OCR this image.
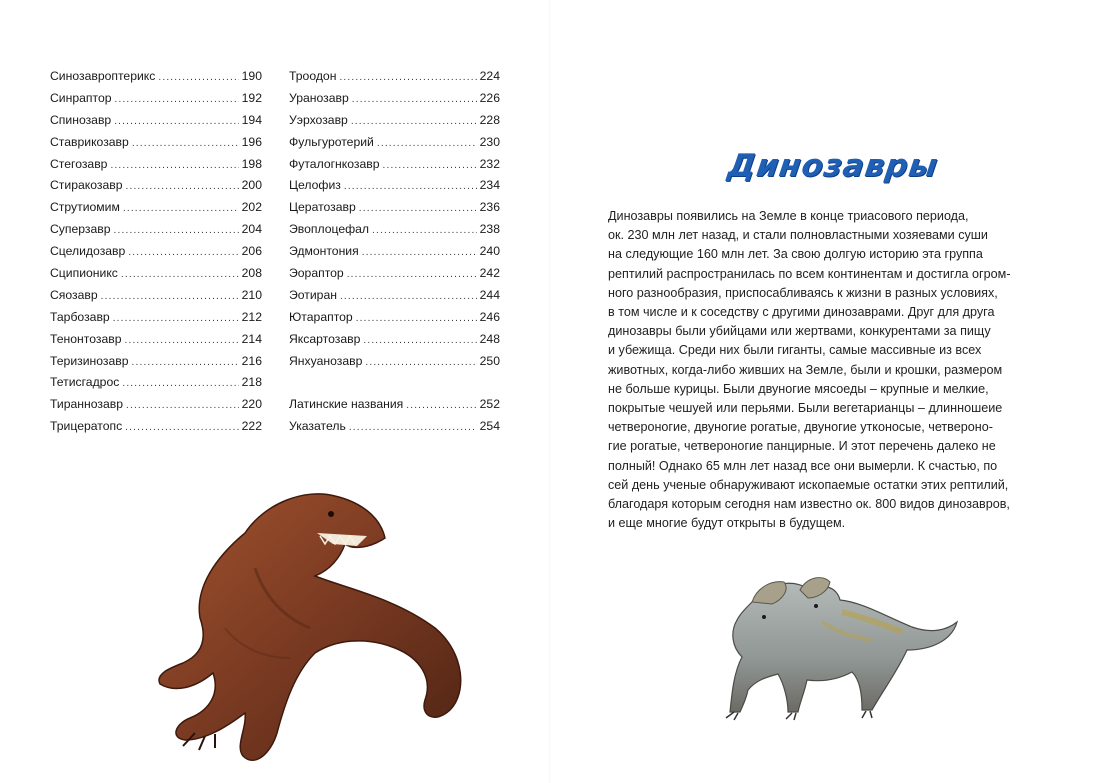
Синозавроптерикс .....	190
Синраптор .....	192
Спинозавр .....	194
Ставрикозавр .....	196
Стегозавр .....	198
Стиракозавр .....	200
Струтиомим .....	202
Суперзавр .....	204
Сцелидозавр .....	206
Сципионикс .....	208
Сяозавр .....	210
Тарбозавр .....	212
Тенонтозавр .....	214
Теризинозавр .....	216
Тетисгадрос .....	218
Тираннозавр .....	220
Трицератопс .....	222
Троодон .....	224
Уранозавр .....	226
Уэрхозавр .....	228
Фульгуротерий .....	230
Футалогнкозавр .....	232
Целофиз .....	234
Цератозавр .....	236
Эвоплоцефал .....	238
Эдмонтония .....	240
Эораптор .....	242
Эотиран .....	244
Ютараптор .....	246
Яксартозавр .....	248
Янхуанозавр .....	250
Латинские названия .....	252
Указатель .....	254
Динозавры
Динозавры появились на Земле в конце триасового периода,
ок. 230 млн лет назад, и стали полновластными хозяевами суши
на следующие 160 млн лет. За свою долгую историю эта группа
рептилий распространилась по всем континентам и достигла огром-
ного разнообразия, приспосабливаясь к жизни в разных условиях,
в том числе и к соседству с другими динозаврами. Друг для друга
динозавры были убийцами или жертвами, конкурентами за пищу
и убежища. Среди них были гиганты, самые массивные из всех
животных, когда-либо живших на Земле, были и крошки, размером
не больше курицы. Были двуногие мясоеды – крупные и мелкие,
покрытые чешуей или перьями. Были вегетарианцы – длинношеие
четвероногие, двуногие рогатые, двуногие утконосые, четвероно-
гие рогатые, четвероногие панцирные. И этот перечень далеко не
полный! Однако 65 млн лет назад все они вымерли. К счастью, по
сей день ученые обнаруживают ископаемые остатки этих рептилий,
благодаря которым сегодня нам известно ок. 800 видов динозавров,
и еще многие будут открыты в будущем.
